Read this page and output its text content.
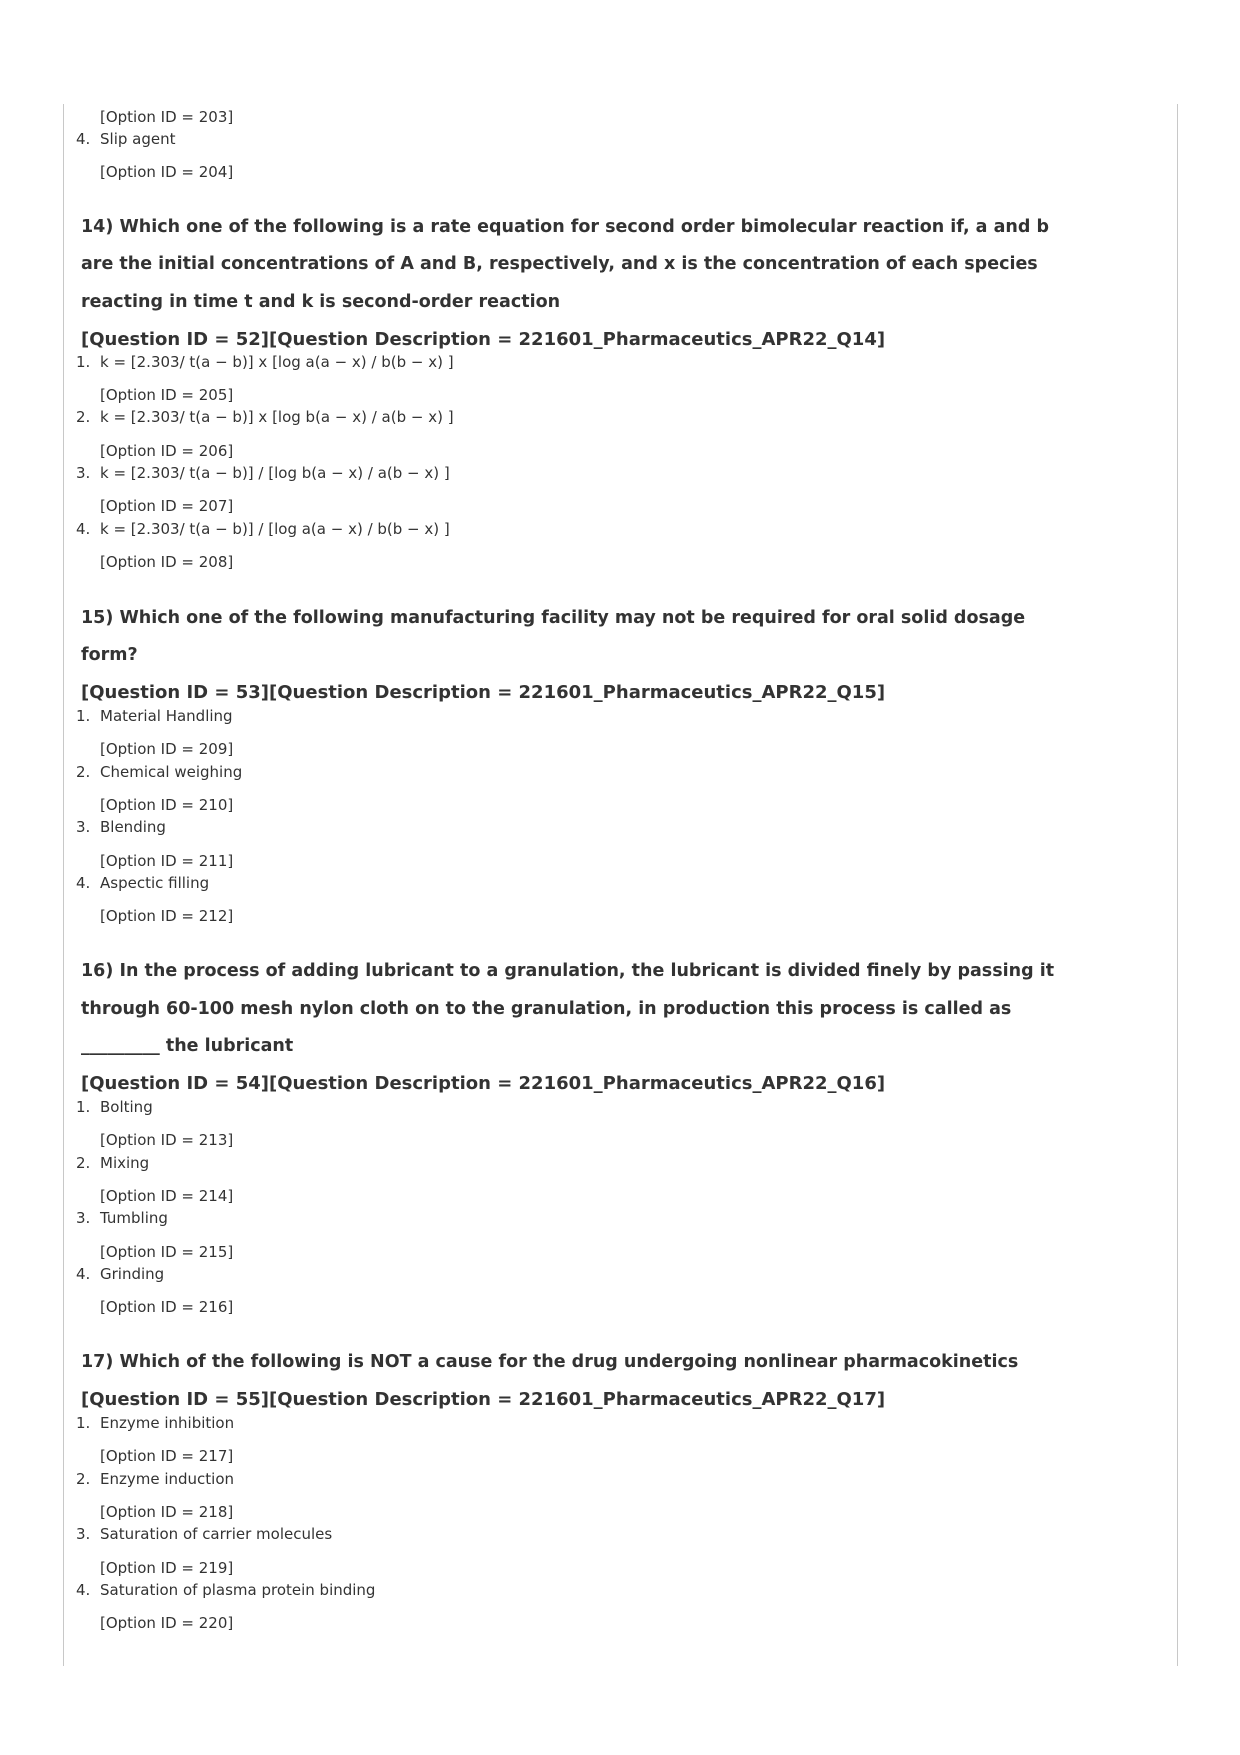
[Option ID = 203]
4. Slip agent
[Option ID = 204]
14) Which one of the following is a rate equation for second order bimolecular reaction if, a and b
are the initial concentrations of A and B, respectively, and x is the concentration of each species
reacting in time t and k is second-order reaction
[Question ID = 52][Question Description = 221601_Pharmaceutics_APR22_Q14]
1. k = [2.303/ t(a − b)] x [log a(a − x) / b(b − x) ]
[Option ID = 205]
2. k = [2.303/ t(a − b)] x [log b(a − x) / a(b − x) ]
[Option ID = 206]
3. k = [2.303/ t(a − b)] / [log b(a − x) / a(b − x) ]
[Option ID = 207]
4. k = [2.303/ t(a − b)] / [log a(a − x) / b(b − x) ]
[Option ID = 208]
15) Which one of the following manufacturing facility may not be required for oral solid dosage
form?
[Question ID = 53][Question Description = 221601_Pharmaceutics_APR22_Q15]
1. Material Handling
[Option ID = 209]
2. Chemical weighing
[Option ID = 210]
3. Blending
[Option ID = 211]
4. Aspectic filling
[Option ID = 212]
16) In the process of adding lubricant to a granulation, the lubricant is divided finely by passing it
through 60-100 mesh nylon cloth on to the granulation, in production this process is called as
_________ the lubricant
[Question ID = 54][Question Description = 221601_Pharmaceutics_APR22_Q16]
1. Bolting
[Option ID = 213]
2. Mixing
[Option ID = 214]
3. Tumbling
[Option ID = 215]
4. Grinding
[Option ID = 216]
17) Which of the following is NOT a cause for the drug undergoing nonlinear pharmacokinetics
[Question ID = 55][Question Description = 221601_Pharmaceutics_APR22_Q17]
1. Enzyme inhibition
[Option ID = 217]
2. Enzyme induction
[Option ID = 218]
3. Saturation of carrier molecules
[Option ID = 219]
4. Saturation of plasma protein binding
[Option ID = 220]
